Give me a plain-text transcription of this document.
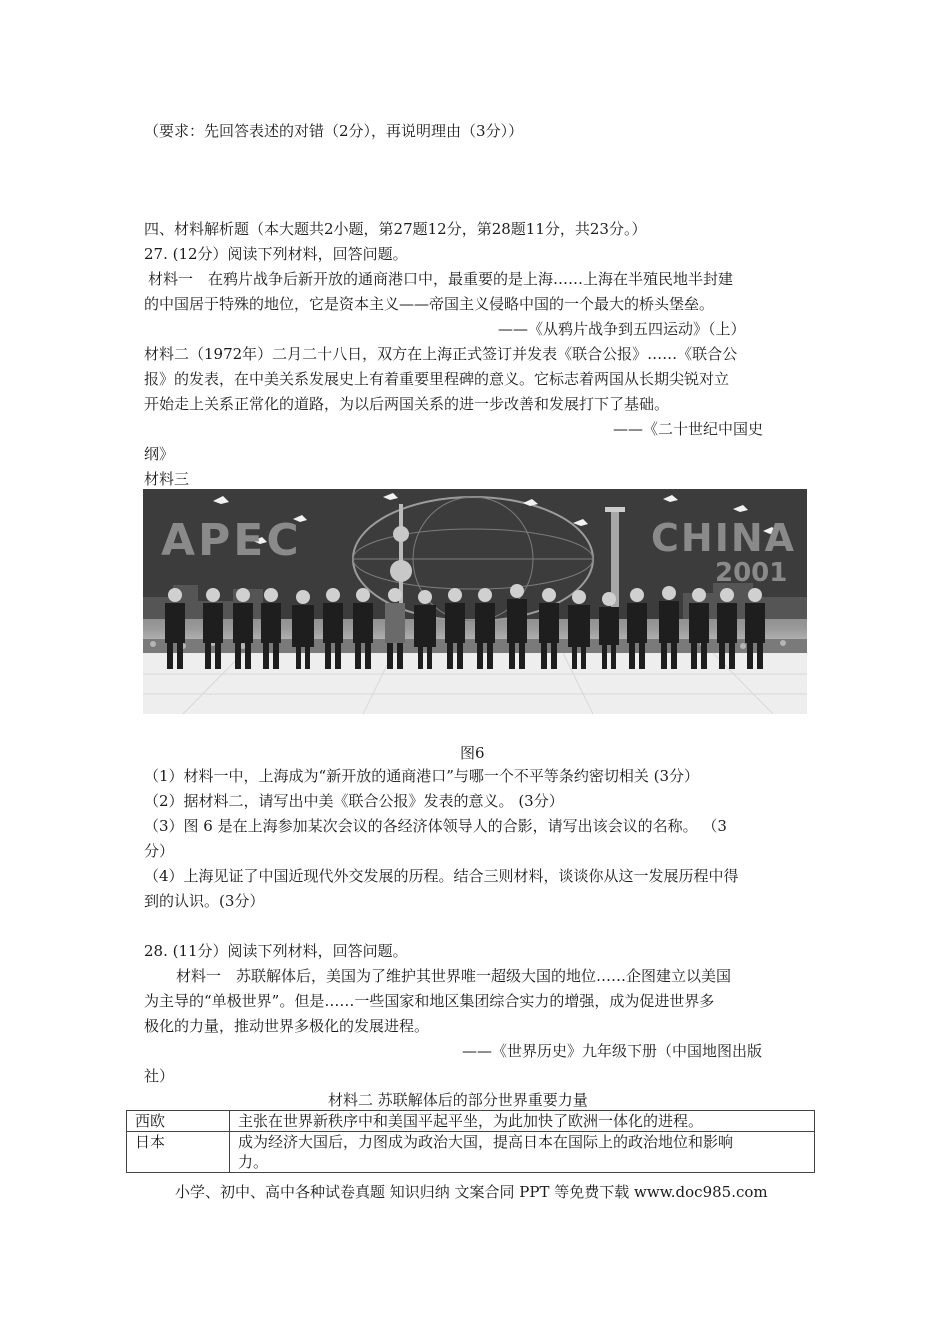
（要求：先回答表述的对错（2分），再说明理由（3分））
四、材料解析题（本大题共2小题，第27题12分，第28题11分，共23分。）
27. (12分）阅读下列材料，回答问题。
材料一　在鸦片战争后新开放的通商港口中，最重要的是上海……上海在半殖民地半封建
的中国居于特殊的地位，它是资本主义——帝国主义侵略中国的一个最大的桥头堡垒。
——《从鸦片战争到五四运动》（上）
材料二（1972年）二月二十八日，双方在上海正式签订并发表《联合公报》……《联合公
报》的发表，在中美关系发展史上有着重要里程碑的意义。它标志着两国从长期尖锐对立
开始走上关系正常化的道路，为以后两国关系的进一步改善和发展打下了基础。
——《二十世纪中国史
纲》
材料三
APEC	CHINA
2001
图6
（1）材料一中，上海成为“新开放的通商港口”与哪一个不平等条约密切相关 (3分）
（2）据材料二，请写出中美《联合公报》发表的意义。 (3分）
（3）图 6 是在上海参加某次会议的各经济体领导人的合影，请写出该会议的名称。 （3
分）
（4）上海见证了中国近现代外交发展的历程。结合三则材料，谈谈你从这一发展历程中得
到的认识。(3分）
28. (11分）阅读下列材料，回答问题。
材料一　苏联解体后，美国为了维护其世界唯一超级大国的地位……企图建立以美国
为主导的“单极世界”。但是……一些国家和地区集团综合实力的增强，成为促进世界多
极化的力量，推动世界多极化的发展进程。
——《世界历史》九年级下册（中国地图出版
社）
材料二 苏联解体后的部分世界重要力量
西欧	主张在世界新秩序中和美国平起平坐，为此加快了欧洲一体化的进程。
日本	成为经济大国后，力图成为政治大国，提高日本在国际上的政治地位和影响
力。
小学、初中、高中各种试卷真题 知识归纳 文案合同 PPT 等免费下载 www.doc985.com
